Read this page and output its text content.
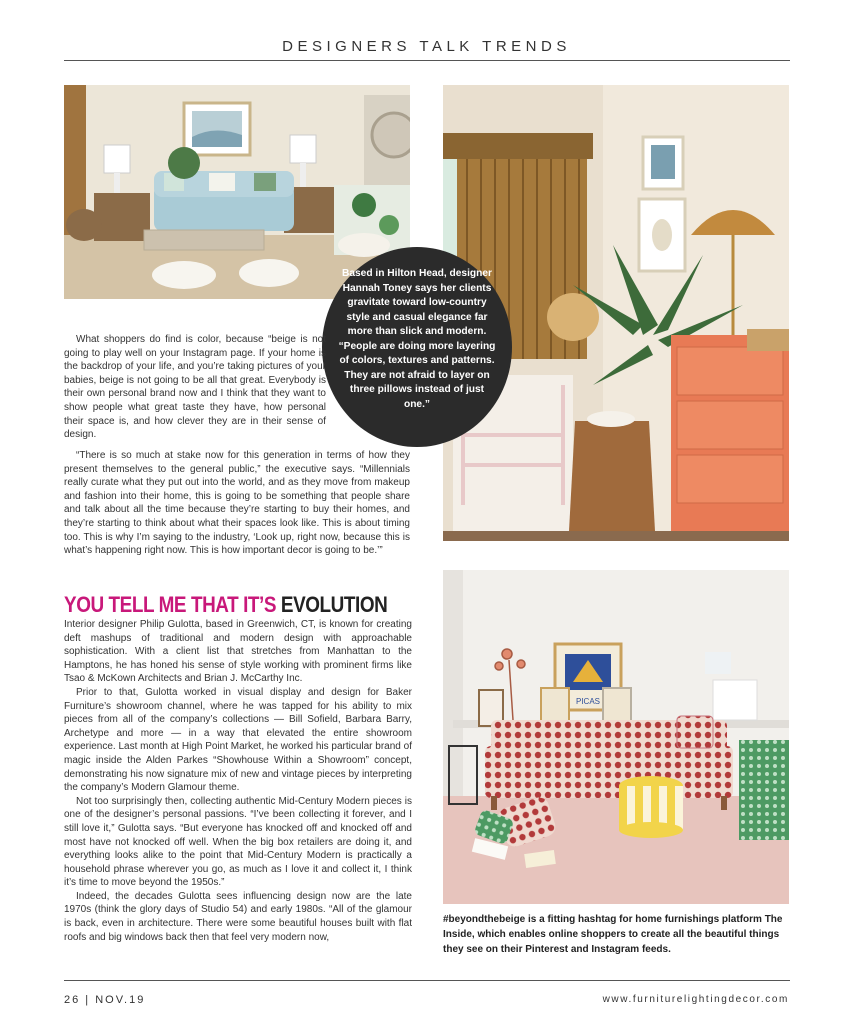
DESIGNERS TALK TRENDS
Based in Hilton Head, designer Hannah Toney says her clients gravitate toward low-country style and casual elegance far more than slick and modern. “People are doing more layering of colors, textures and patterns. They are not afraid to layer on three pillows instead of just one.”
PICAS

What shoppers do find is color, because “beige is not going to play well on your Instagram page. If your home is the backdrop of your life, and you’re taking pictures of your babies, beige is not going to be all that great. Everybody is their own personal brand now and I think that they want to show people what great taste they have, how personal their space is, and how clever they are in their sense of design.

“There is so much at stake now for this generation in terms of how they present themselves to the general public,” the executive says. “Millennials really curate what they put out into the world, and as they move from makeup and fashion into their home, this is going to be something that people share and talk about all the time because they’re starting to buy their homes, and they’re starting to think about what their spaces look like. This is about timing too. This is why I’m saying to the industry, ‘Look up, right now, because this is what’s happening right now. This is how important decor is going to be.’”

YOU TELL ME THAT IT’S EVOLUTION

Interior designer Philip Gulotta, based in Greenwich, CT, is known for creating deft mashups of traditional and modern design with approachable sophistication. With a client list that stretches from Manhattan to the Hamptons, he has honed his sense of style working with prominent firms like Tsao & McKown Architects and Brian J. McCarthy Inc.

Prior to that, Gulotta worked in visual display and design for Baker Furniture’s showroom channel, where he was tapped for his ability to mix pieces from all of the company’s collections — Bill Sofield, Barbara Barry, Archetype and more — in a way that elevated the entire showroom experience. Last month at High Point Market, he worked his particular brand of magic inside the Alden Parkes “Showhouse Within a Showroom” concept, demonstrating his now signature mix of new and vintage pieces by interpreting the company’s Modern Glamour theme.

Not too surprisingly then, collecting authentic Mid-Century Modern pieces is one of the designer’s personal passions. “I’ve been collecting it forever, and I still love it,” Gulotta says. “But everyone has knocked off and knocked off and most have not knocked off well. When the big box retailers are doing it, and everything looks alike to the point that Mid-Century Modern is practically a household phrase wherever you go, as much as I love it and collect it, I think it’s time to move beyond the 1950s.”

Indeed, the decades Gulotta sees influencing design now are the late 1970s (think the glory days of Studio 54) and early 1980s. “All of the glamour is back, even in architecture. There were some beautiful houses built with flat roofs and big windows back then that feel very modern now,

#beyondthebeige is a fitting hashtag for home furnishings platform The Inside, which enables online shoppers to create all the beautiful things they see on their Pinterest and Instagram feeds.
26 | NOV.19	www.furniturelightingdecor.com
